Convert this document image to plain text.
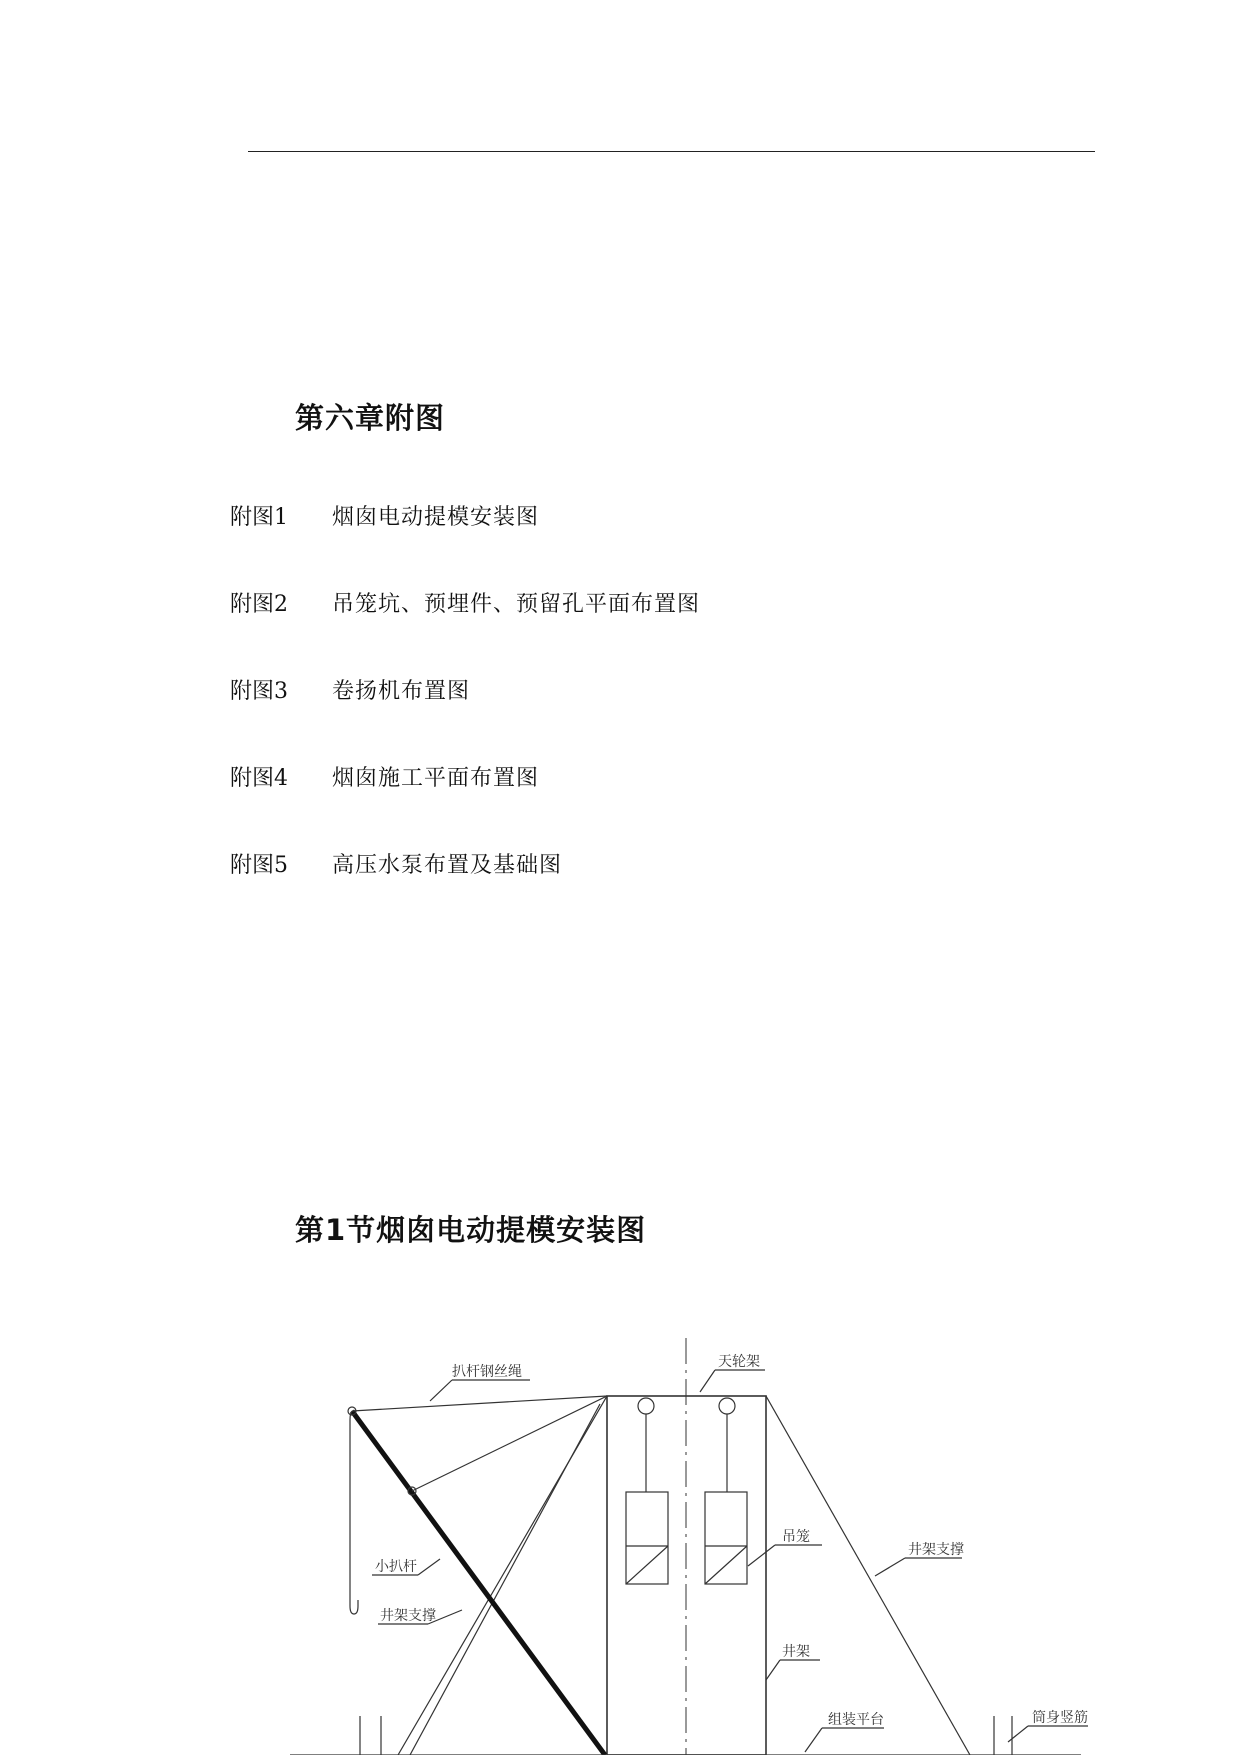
第六章附图
附图1	烟囱电动提模安装图
附图2	吊笼坑、预埋件、预留孔平面布置图
附图3	卷扬机布置图
附图4	烟囱施工平面布置图
附图5	高压水泵布置及基础图
第1节烟囱电动提模安装图
扒杆钢丝绳
天轮架
小扒杆
井架支撑
吊笼
井架支撑
井架
组装平台	筒身竖筋
